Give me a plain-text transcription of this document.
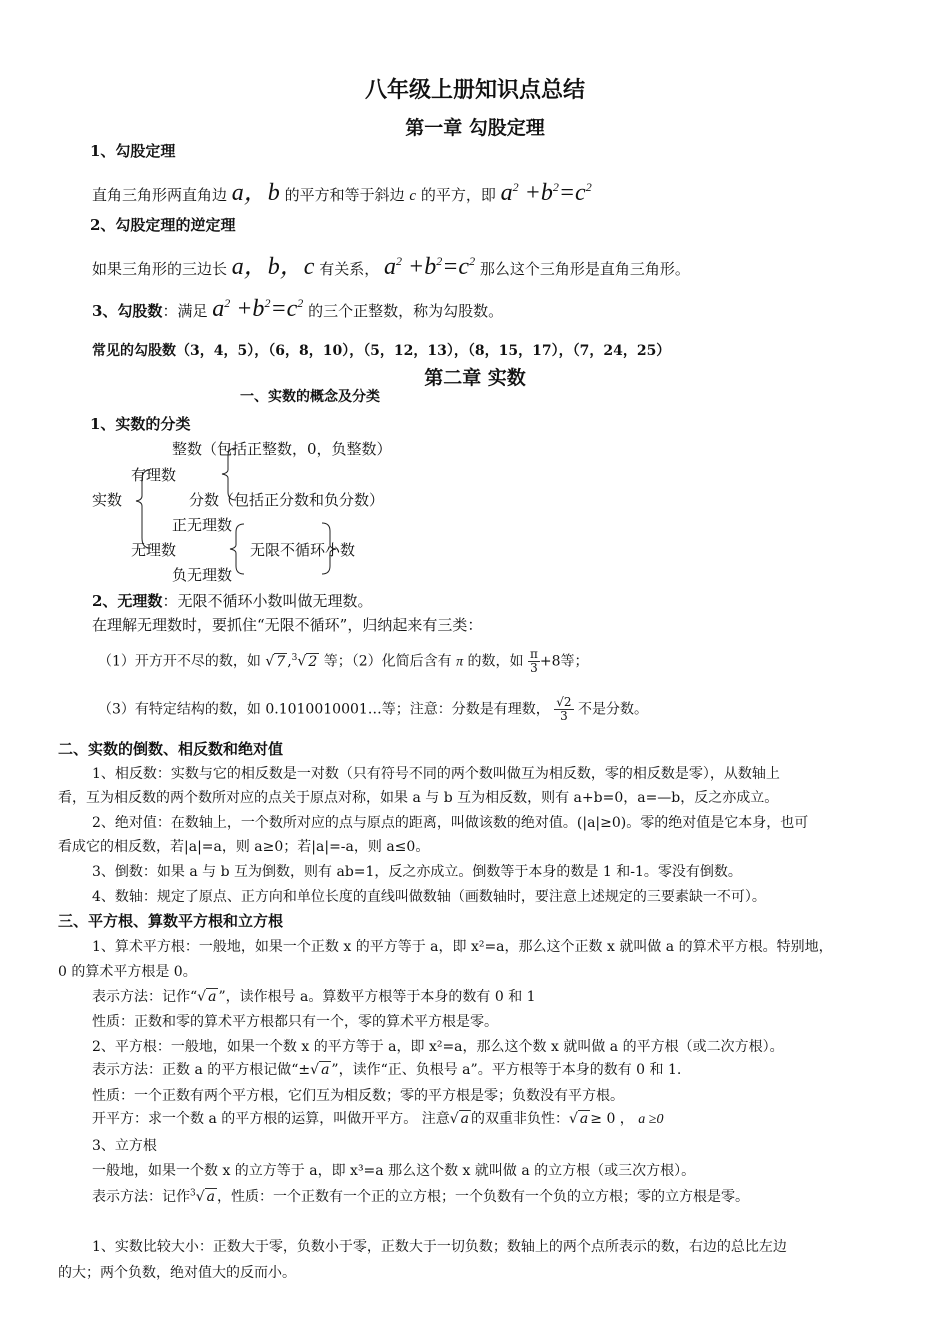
八年级上册知识点总结
第一章 勾股定理
1、勾股定理
直角三角形两直角边 a，b 的平方和等于斜边 c 的平方，即 $a^2 +b^2=c^2$
2、勾股定理的逆定理
如果三角形的三边长 a，b，c 有关系， $a^2 +b^2=c^2$ 那么这个三角形是直角三角形。
3、勾股数：满足 $a^2 +b^2=c^2$ 的三个正整数，称为勾股数。
常见的勾股数（3，4，5），（6，8，10），（5，12，13），（8，15，17），（7，24，25）
第二章 实数
一、实数的概念及分类
1、实数的分类
整数（包括正整数，0，负整数）
有理数
实数	分数（包括正分数和负分数）
正无理数
无理数	无限不循环小数
负无理数
2、无理数：无限不循环小数叫做无理数。
在理解无理数时，要抓住“无限不循环”，归纳起来有三类：
（1）开方开不尽的数，如 √ 7 ,$^3$√ 2 等；（2）化简后含有 π 的数，如 $\frac{\pi}{3} +8$等；
（3）有特定结构的数，如 0.1010010001…等；注意：分数是有理数， $\frac{√2}{3}$ 不是分数。
二、实数的倒数、相反数和绝对值
1、相反数：实数与它的相反数是一对数（只有符号不同的两个数叫做互为相反数，零的相反数是零），从数轴上
看，互为相反数的两个数所对应的点关于原点对称，如果 a 与 b 互为相反数，则有 a+b=0，a=—b，反之亦成立。
2、绝对值：在数轴上，一个数所对应的点与原点的距离，叫做该数的绝对值。(|a|≥0)。零的绝对值是它本身，也可
看成它的相反数，若|a|=a，则 a≥0；若|a|=-a，则 a≤0。
3、倒数：如果 a 与 b 互为倒数，则有 ab=1，反之亦成立。倒数等于本身的数是 1 和-1。零没有倒数。
4、数轴：规定了原点、正方向和单位长度的直线叫做数轴（画数轴时，要注意上述规定的三要素缺一不可）。
三、平方根、算数平方根和立方根
1、算术平方根：一般地，如果一个正数 x 的平方等于 a，即 x²=a，那么这个正数 x 就叫做 a 的算术平方根。特别地，
0 的算术平方根是 0。
表示方法：记作“√ a ”，读作根号 a。算数平方根等于本身的数有 0 和 1
性质：正数和零的算术平方根都只有一个，零的算术平方根是零。
2、平方根：一般地，如果一个数 x 的平方等于 a，即 x²=a，那么这个数 x 就叫做 a 的平方根（或二次方根）。
表示方法：正数 a 的平方根记做“±√ a ”，读作“正、负根号 a”。平方根等于本身的数有 0 和 1.
性质：一个正数有两个平方根，它们互为相反数；零的平方根是零；负数没有平方根。
开平方：求一个数 a 的平方根的运算，叫做开平方。 注意√ a 的双重非负性：√ a ≥ 0 ， a ≥0
3、立方根
一般地，如果一个数 x 的立方等于 a，即 x³=a 那么这个数 x 就叫做 a 的立方根（或三次方根）。
表示方法：记作$^3$√ a ，性质：一个正数有一个正的立方根；一个负数有一个负的立方根；零的立方根是零。
1、实数比较大小：正数大于零，负数小于零，正数大于一切负数；数轴上的两个点所表示的数，右边的总比左边
的大；两个负数，绝对值大的反而小。
